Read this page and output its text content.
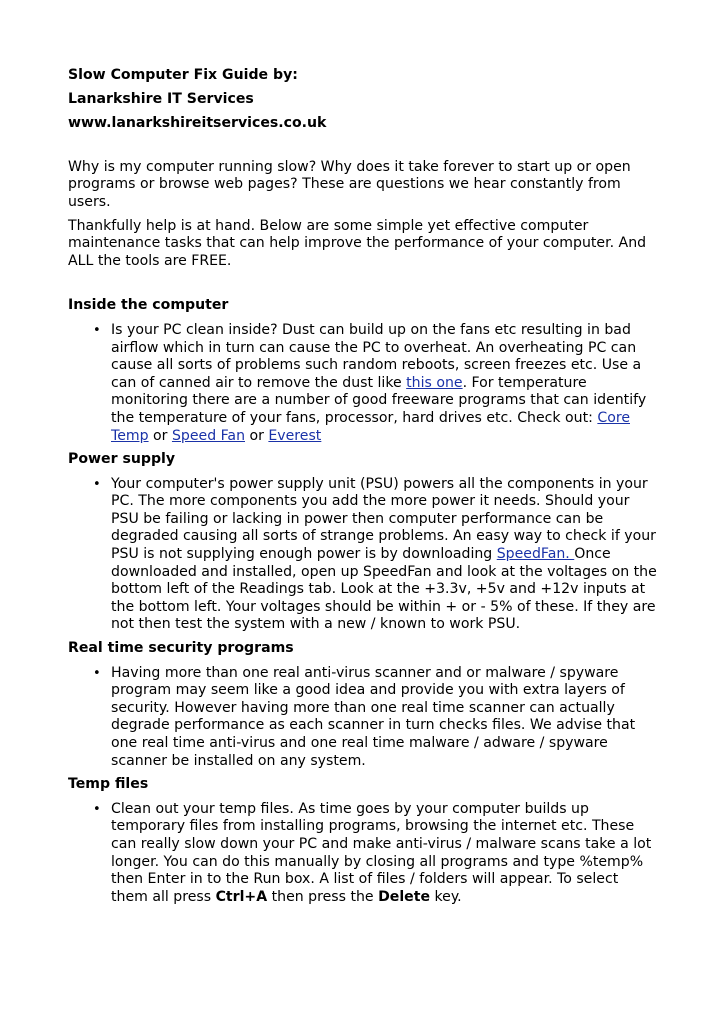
Slow Computer Fix Guide by:
Lanarkshire IT Services
www.lanarkshireitservices.co.uk

Why is my computer running slow? Why does it take forever to start up or open programs or browse web pages? These are questions we hear constantly from users.

Thankfully help is at hand. Below are some simple yet effective computer maintenance tasks that can help improve the performance of your computer. And ALL the tools are FREE.

Inside the computer
• Is your PC clean inside? Dust can build up on the fans etc resulting in bad airflow which in turn can cause the PC to overheat. An overheating PC can cause all sorts of problems such random reboots, screen freezes etc. Use a can of canned air to remove the dust like this one. For temperature monitoring there are a number of good freeware programs that can identify the temperature of your fans, processor, hard drives etc. Check out: Core Temp or Speed Fan or Everest
Power supply
• Your computer's power supply unit (PSU) powers all the components in your PC. The more components you add the more power it needs. Should your PSU be failing or lacking in power then computer performance can be degraded causing all sorts of strange problems. An easy way to check if your PSU is not supplying enough power is by downloading SpeedFan. Once downloaded and installed, open up SpeedFan and look at the voltages on the bottom left of the Readings tab. Look at the +3.3v, +5v and +12v inputs at the bottom left. Your voltages should be within + or - 5% of these. If they are not then test the system with a new / known to work PSU.
Real time security programs
• Having more than one real anti-virus scanner and or malware / spyware program may seem like a good idea and provide you with extra layers of security. However having more than one real time scanner can actually degrade performance as each scanner in turn checks files. We advise that one real time anti-virus and one real time malware / adware / spyware scanner be installed on any system.
Temp files
• Clean out your temp files. As time goes by your computer builds up temporary files from installing programs, browsing the internet etc. These can really slow down your PC and make anti-virus / malware scans take a lot longer. You can do this manually by closing all programs and type %temp% then Enter in to the Run box. A list of files / folders will appear. To select them all press Ctrl+A then press the Delete key.
